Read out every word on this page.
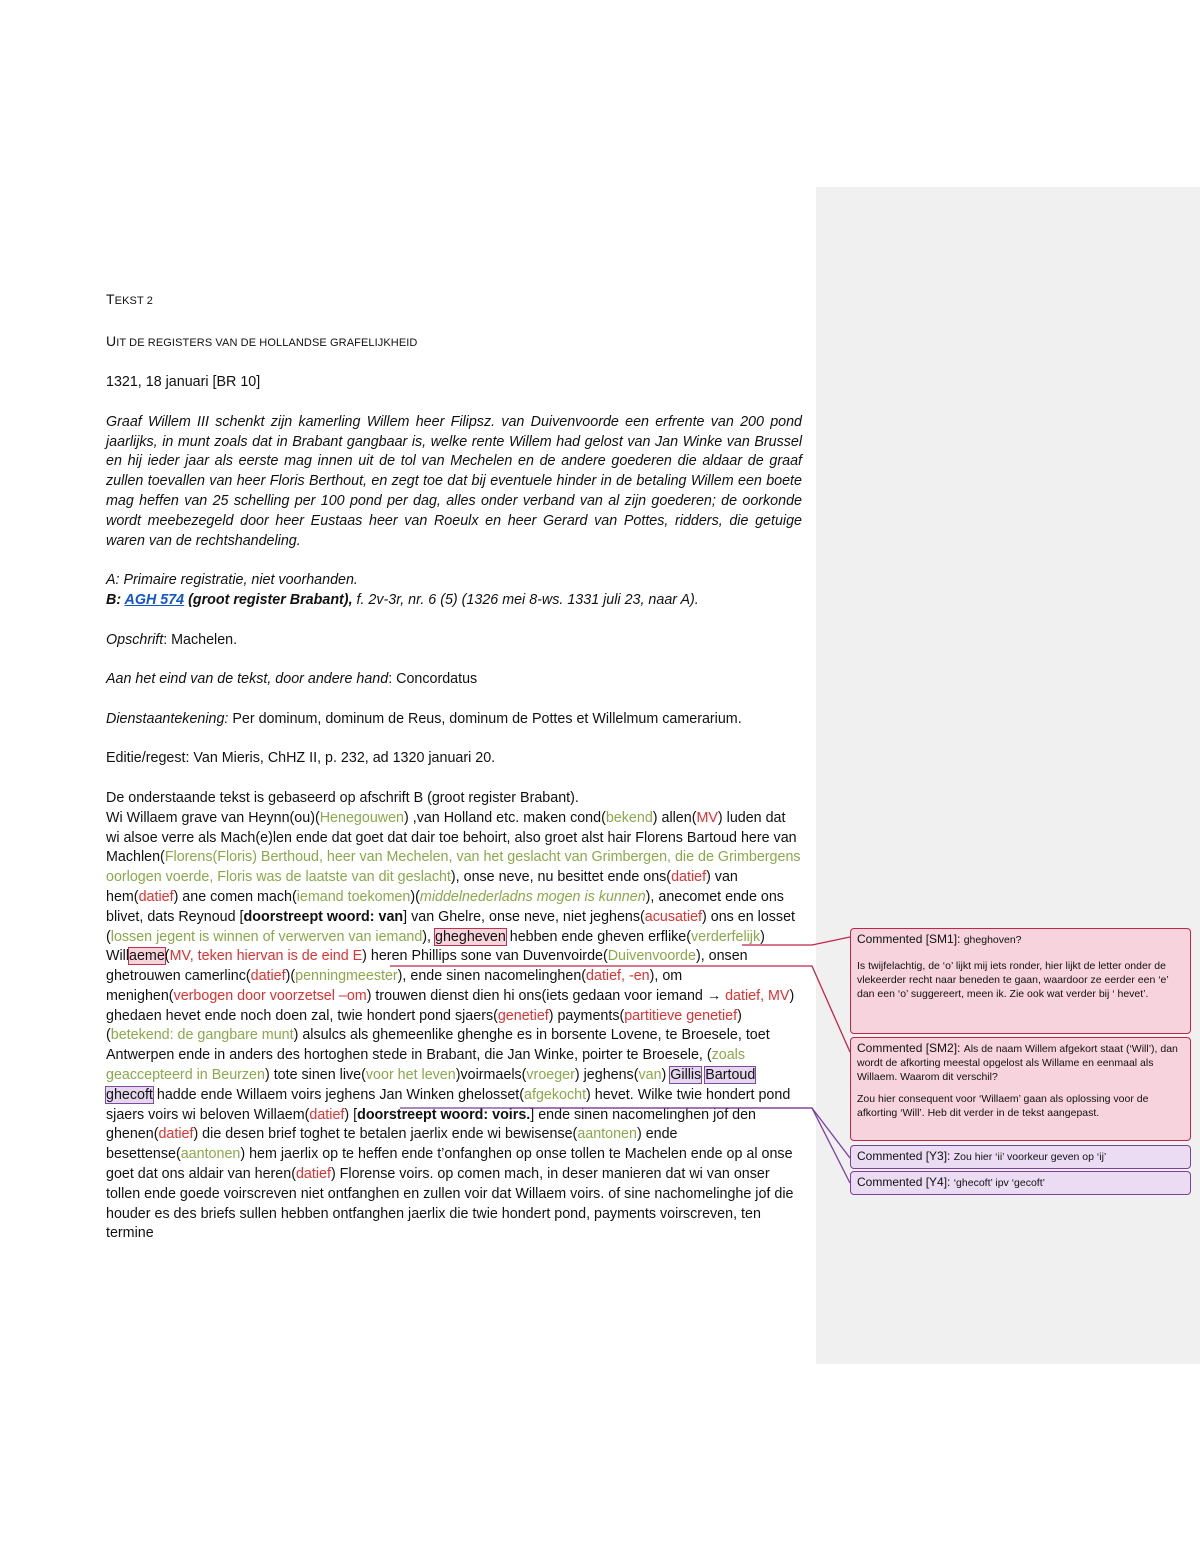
TEKST 2

UIT DE REGISTERS VAN DE HOLLANDSE GRAFELIJKHEID

1321, 18 januari [BR 10]

Graaf Willem III schenkt zijn kamerling Willem heer Filipsz. van Duivenvoorde een erfrente van 200 pond jaarlijks, in munt zoals dat in Brabant gangbaar is, welke rente Willem had gelost van Jan Winke van Brussel en hij ieder jaar als eerste mag innen uit de tol van Mechelen en de andere goederen die aldaar de graaf zullen toevallen van heer Floris Berthout, en zegt toe dat bij eventuele hinder in de betaling Willem een boete mag heffen van 25 schelling per 100 pond per dag, alles onder verband van al zijn goederen; de oorkonde wordt meebezegeld door heer Eustaas heer van Roeulx en heer Gerard van Pottes, ridders, die getuige waren van de rechtshandeling.

A: Primaire registratie, niet voorhanden.

B: AGH 574 (groot register Brabant), f. 2v-3r, nr. 6 (5) (1326 mei 8-ws. 1331 juli 23, naar A).

Opschrift: Machelen.

Aan het eind van de tekst, door andere hand: Concordatus

Dienstaantekening: Per dominum, dominum de Reus, dominum de Pottes et Willelmum camerarium.

Editie/regest: Van Mieris, ChHZ II, p. 232, ad 1320 januari 20.

De onderstaande tekst is gebaseerd op afschrift B (groot register Brabant).

Wi Willaem grave van Heynn(ou)(Henegouwen) ,van Holland etc. maken cond(bekend) allen(MV) luden dat wi alsoe verre als Mach(e)len ende dat goet dat dair toe behoirt, also groet alst hair Florens Bartoud here van Machlen(Florens(Floris) Berthoud, heer van Mechelen, van het geslacht van Grimbergen, die de Grimbergens oorlogen voerde, Floris was de laatste van dit geslacht), onse neve, nu besittet ende ons(datief) van hem(datief) ane comen mach(iemand toekomen)(middelnederladns mogen is kunnen), anecomet ende ons blivet, dats Reynoud [doorstreept woord: van] van Ghelre, onse neve, niet jeghens(acusatief) ons en losset (lossen jegent is winnen of verwerven van iemand), ghegheven hebben ende gheven erflike(verderfelijk) Willaeme(MV, teken hiervan is de eind E) heren Phillips sone van Duvenvoirde(Duivenvoorde), onsen ghetrouwen camerlinc(datief)(penningmeester), ende sinen nacomelinghen(datief, -en), om menighen(verbogen door voorzetsel –om) trouwen dienst dien hi ons(iets gedaan voor iemand → datief, MV) ghedaen hevet ende noch doen zal, twie hondert pond sjaers(genetief) payments(partitieve genetief)(betekend: de gangbare munt) alsulcs als ghemeenlike ghenghe es in borsente Lovene, te Broesele, toet Antwerpen ende in anders des hortoghen stede in Brabant, die Jan Winke, poirter te Broesele, (zoals geaccepteerd in Beurzen) tote sinen live(voor het leven)voirmaels(vroeger) jeghens(van) Gillis Bartoud ghecoft hadde ende Willaem voirs jeghens Jan Winken ghelosset(afgekocht) hevet. Wilke twie hondert pond sjaers voirs wi beloven Willaem(datief) [doorstreept woord: voirs.] ende sinen nacomelinghen jof den ghenen(datief) die desen brief toghet te betalen jaerlix ende wi bewisense(aantonen) ende besettense(aantonen) hem jaerlix op te heffen ende t’onfanghen op onse tollen te Machelen ende op al onse goet dat ons aldair van heren(datief) Florense voirs. op comen mach, in deser manieren dat wi van onser tollen ende goede voirscreven niet ontfanghen en zullen voir dat Willaem voirs. of sine nachomelinghe jof die houder es des briefs sullen hebben ontfanghen jaerlix die twie hondert pond, payments voirscreven, ten termine

Commented [SM1]: gheghoven?
Is twijfelachtig, de ‘o’ lijkt mij iets ronder, hier lijkt de letter onder de vlekeerder recht naar beneden te gaan, waardoor ze eerder een ‘e’ dan een ‘o’ suggereert, meen ik. Zie ook wat verder bij ‘ hevet’.
Commented [SM2]: Als de naam Willem afgekort staat (‘Will’), dan wordt de afkorting meestal opgelost als Willame en eenmaal als Willaem. Waarom dit verschil?
Zou hier consequent voor ‘Willaem’ gaan als oplossing voor de afkorting ‘Will’. Heb dit verder in de tekst aangepast.
Commented [Y3]: Zou hier ‘ii’ voorkeur geven op ‘ij’
Commented [Y4]: ‘ghecoft’ ipv ‘gecoft’
